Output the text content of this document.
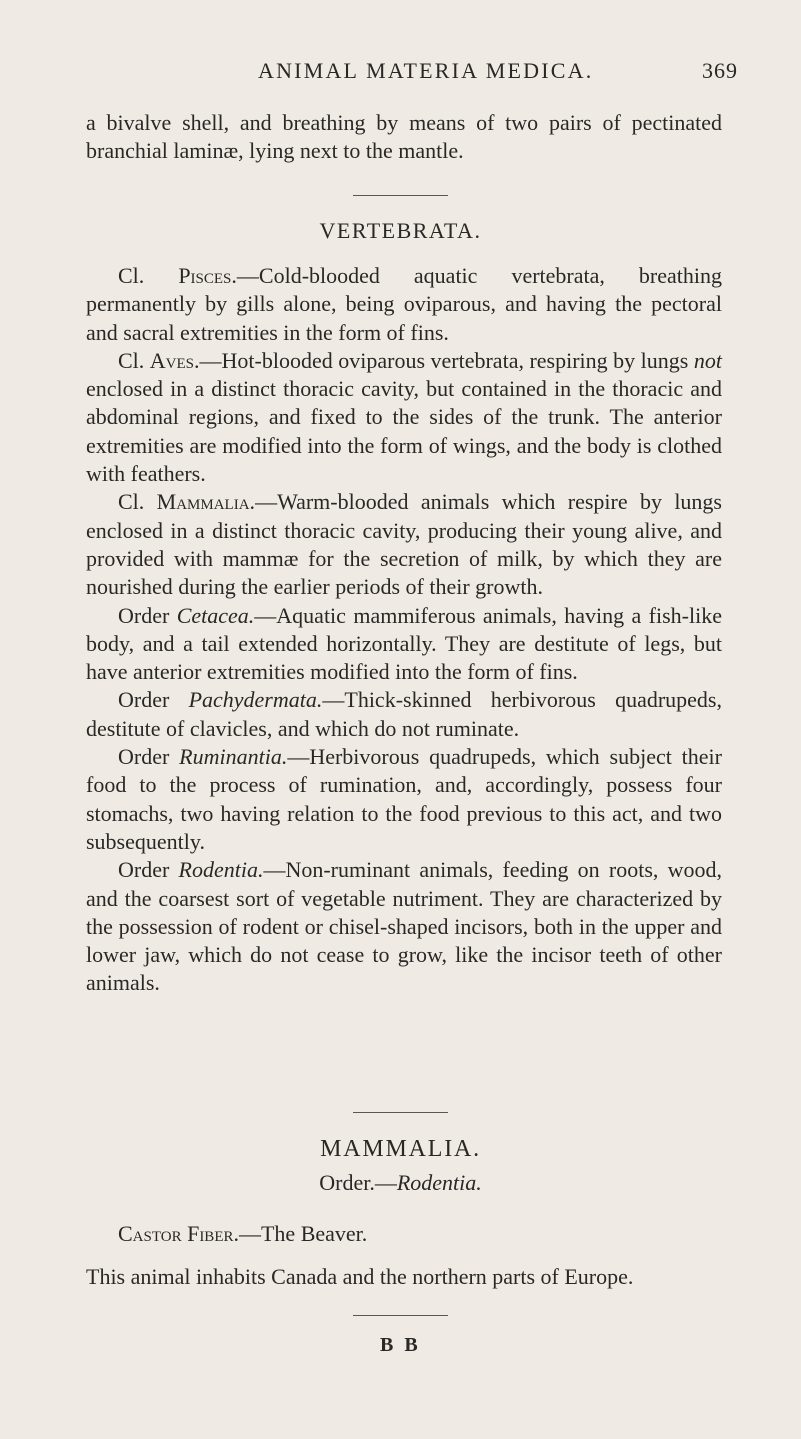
ANIMAL MATERIA MEDICA.	369

a bivalve shell, and breathing by means of two pairs of pectinated branchial laminæ, lying next to the mantle.

VERTEBRATA.

Cl. Pisces.—Cold-blooded aquatic vertebrata, breathing permanently by gills alone, being oviparous, and having the pectoral and sacral extremities in the form of fins.

Cl. Aves.—Hot-blooded oviparous vertebrata, respiring by lungs not enclosed in a distinct thoracic cavity, but contained in the thoracic and abdominal regions, and fixed to the sides of the trunk. The anterior extremities are modified into the form of wings, and the body is clothed with feathers.

Cl. Mammalia.—Warm-blooded animals which respire by lungs enclosed in a distinct thoracic cavity, producing their young alive, and provided with mammæ for the secretion of milk, by which they are nourished during the earlier periods of their growth.

Order Cetacea.—Aquatic mammiferous animals, having a fish-like body, and a tail extended horizontally. They are destitute of legs, but have anterior extremities modified into the form of fins.

Order Pachydermata.—Thick-skinned herbivorous quadrupeds, destitute of clavicles, and which do not ruminate.

Order Ruminantia.—Herbivorous quadrupeds, which subject their food to the process of rumination, and, accordingly, possess four stomachs, two having relation to the food previous to this act, and two subsequently.

Order Rodentia.—Non-ruminant animals, feeding on roots, wood, and the coarsest sort of vegetable nutriment. They are characterized by the possession of rodent or chisel-shaped incisors, both in the upper and lower jaw, which do not cease to grow, like the incisor teeth of other animals.

MAMMALIA.
Order.—Rodentia.
Castor Fiber.—The Beaver.
This animal inhabits Canada and the northern parts of Europe.
B B
